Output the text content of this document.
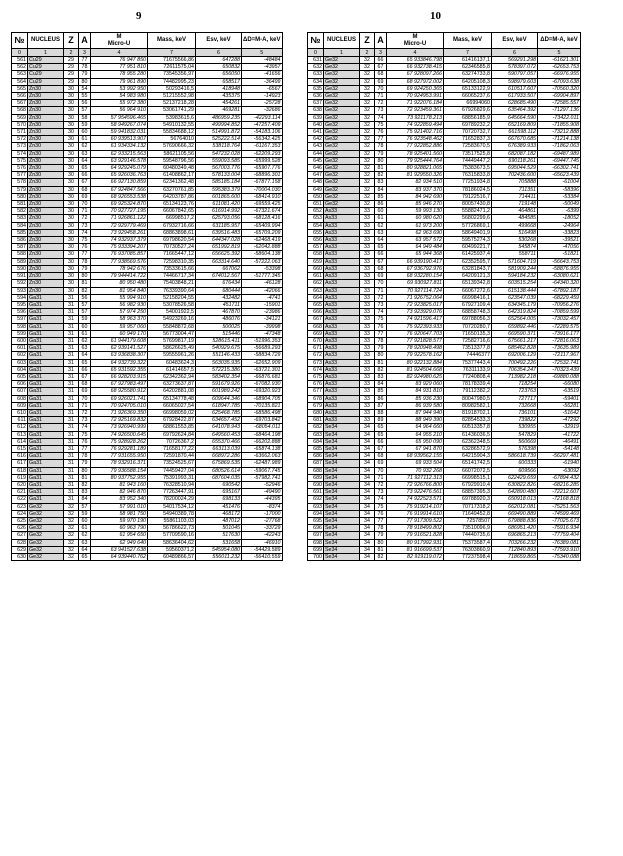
9	10
№	NUCLEUS	Z	A	M
Micro-U	Mass, keV	Esv, keV	ΔD=M-A, keV
0	1	2	3	4	7	6	5
561	Cu29	29	77	76 947 850	71675566,86	647288	-48484
562	Cu29	29	78	77 951 810	72611575,04	650832	-43957
563	Cu29	29	79	78 955 280	73545356,97	656050	-41656
564	Cu29	29	80	79 961 890	74482995,23	658517	-36499
565	Zn30	30	54	53 992 950	50293416,5	418948	-6567
566	Zn30	30	55	54 983 980	51215552,98	435375	-14923
567	Zn30	30	56	55 972 380	52137218,28	454261	-25728
568	Zn30	30	57	56 964 910	53061741,29	469281	-32686
569	Zn30	30	58	57 954596.465	53983615,6	486959.235	-42293.114
570	Zn30	30	59	58 949267.074	54910132,55	499994.852	-47257.409
571	Zn30	30	60	59 941832.031	55834688,12	514991.872	-54183.106
572	Zn30	30	61	60 939513.907	56764010	525222.514	-56342.425
573	Zn30	30	62	61 934334.132	57690666,32	538118.764	-61167.353
574	Zn30	30	63	62 933215.563	58621105,56	547232.028	-62209.293
575	Zn30	30	64	63 929146.578	59548796,56	559093.585	-65999.528
576	Zn30	30	65	64 929245.079	60480349,48	567003.776	-65907.776
577	Zn30	30	66	65 926036.763	61408862,17	578133.004	-68896.301
578	Zn30	30	67	66 927130.859	62341362,48	585185.184	-67877.158
579	Zn30	30	68	67 924847.566	63270761,85	595383.379	-70004.030
580	Zn30	30	69	68 926553.538	64203787,86	601865.600	-68414.910
581	Zn30	30	70	69 925324.870	65134123,76	611081.420	-69559.425
582	Zn30	30	71	70 927727.195	66067842,65	616914.992	-67321.674
583	Zn30	30	72	71 926861.122	66998517,2	625793.056	-68128.416
584	Zn30	30	73	72 929779.469	67932716,66	631185.957	-65409.994
585	Zn30	30	74	73 929458.261	68863898,61	639516.483	-65709.209
586	Zn30	30	75	74 932937.379	69798620,54	644347.028	-62468.419
587	Zn30	30	76	75 933394.207	70730527,24	651992.819	-62042.888
588	Zn30	30	77	76 937085.857	71665447,12	656625.392	-58604.138
589	Zn30	30	78	77 938569.576	72598310,35	663314.640	-57222.063
590	Zn30	30	79	78 942 676	73533615,66	667062	-53398
591	Zn30	30	80	79 944414.722	74466717,34	674012.567	-51777.345
592	Zn30	30	81	80 950 480	75403848,21	676434	-46128
593	Zn30	30	82	81 954 840	76339390,64	680444	-42066
594	Ga31	31	56	55 994 910	52158204,55	432482	-4741
595	Ga31	31	57	56 982 930	53078526,58	451711	-15901
596	Ga31	31	57	57 974 250	54001922,5	467870	-23986
597	Ga31	31	59	58 963 370	54923269,16	486076	-34121
598	Ga31	31	60	59 957 060	55848872,68	500025	-39998
599	Ga31	31	61	60 949 170	56773004,47	515446	-47348
600	Ga31	31	62	61 944179.608	57699817,19	528615.411	-51996.353
601	Ga31	31	63	62 939141.527	58626625,49	540929.675	-56689.293
602	Ga31	31	64	63 936838.307	59555961,26	551146.433	-58834.729
603	Ga31	31	65	64 932739.322	60483624,3	563035.935	-62652.909
604	Ga31	31	66	65 931592.355	61414657,5	572215.386	-63721.301
605	Ga31	31	67	66 928203.915	62342362,94	583402.354	-66876.681
606	Ga31	31	68	67 927983.497	63273637,87	591679.926	-67082.930
607	Ga31	31	69	68 925580.912	64202881,08	601989.242	-69320.923
608	Ga31	31	70	69 926021.741	65134778,48	609644.346	-68904.705
609	Ga31	31	71	70 924705.010	66065027,54	618947.785	-70135.821
610	Ga31	31	72	71 926369.350	66998059,02	625468.785	-68586.498
611	Ga31	31	73	72 925169.832	67928422,87	634657.452	-69703.842
612	Ga31	31	74	73 926940.999	68861553,85	641078.943	-68054.011
613	Ga31	31	75	74 926500.645	69792624,84	649560.453	-68464.198
614	Ga31	31	76	75 928928.262	70726367,2	655370.466	-66202.888
615	Ga31	31	77	76 929281.189	71658177,22	663113.039	-65874.138
616	Ga31	31	78	77 931655.950	72591870,44	668972.286	-63662.063
617	Ga31	31	79	78 932916.371	73524525,67	675869.535	-62487.989
618	Ga31	31	80	79 936588.154	74459427,04	680526.614	-59067.745
619	Ga31	31	81	80 937752.955	75391993,31	687604.035	-57982.741
620	Ga31	31	82	81 943 160	76328510,94	690542	-52946
621	Ga31	31	83	82 946 870	77263447,91	695167	-49490
622	Ga31	31	84	83 952 340	78200024,29	698133	-44395
623	Ge32	32	57	57 991 010	54017534,12	451476	-8374
624	Ge32	32	59	58 981 750	54940389,78	468172	-17000
625	Ge32	32	60	59 970 190	55861103,03	487012	-27768
626	Ge32	32	61	60 963 790	56786622,73	501045	-33729
627	Ge32	32	62	61 954 650	57709590,16	517630	-42243
628	Ge32	32	63	62 949 640	58636404,62	531658	-46910
629	Ge32	32	64	63 941527.638	59560371,2	545954.080	-54429.589
630	Ge32	32	65	64 939440.762	60489866,57	556011.232	-56410.559
№	NUCLEUS	Z	A	M
Micro-U	Mass, keV	Esv, keV	ΔD=M-A, keV
0	1	2	3	4	7	6	5
631	Ge32	32	66	65 933846.798	61416137,1	569291.298	-61621.301
632	Ge32	32	67	66 932738.415	62346585,8	578397.072	-62653.753
633	Ge32	32	68	67 928097.266	63274733,8	590797.057	-66976.955
634	Ge32	32	69	68 927972.002	64205108,3	598979.603	-67093.638
635	Ge32	32	70	69 924250.365	65133122,9	610517.607	-70560.320
636	Ge32	32	71	70 924953.991	66065237,6	617933.507	-69904.897
637	Ge32	32	72	71 922076.184	66994060	628685.490	-72585.557
638	Ge32	32	73	72 923459.361	67926829,6	635464.392	-71297.136
639	Ge32	32	74	73 921178.213	68856185,9	645664.590	-73422.011
640	Ge32	32	75	74 922859.494	69789232,2	652169.809	-71855.908
641	Ge32	32	76	75 921402.716	70720732,7	661598.112	-73212.888
642	Ge32	32	77	76 923548.462	71652837,3	667670.685	-71214.138
643	Ge32	32	78	77 922852.886	72583670,5	676389.933	-71862.063
644	Ge32	32	79	78 925401.560	73517525,8	682087.182	-69487.989
645	Ge32	32	80	79 925444.764	74449447,2	690118.261	-69447.745
646	Ge32	32	81	80 928821.065	75383673,5	695044.529	-66302.741
647	Ge32	32	82	81 929550.326	76315833,8	702436.600	-65623.439
648	Ge32	32	83	82 934 510	77251934,8	705888	-61004
649	Ge32	32	84	83 937 370	78186024,5	711351	-58396
650	Ge32	32	85	84 942 690	79122516,7	714411	-53384
651	Ge32	32	86	85 946 270	80057430,8	719148	-50049
652	As33	33	60	59 993 130	55882471,2	464861	-6399
653	As33	33	61	60 980 620	56802299,6	484585	-18052
654	As33	33	62	61 973 200	57726869,1	499668	-24964
655	As33	33	63	62 963 690	58649401,9	516498	-33823
656	As33	33	64	63 957 572	59575274,3	530268	-39521
657	As33	33	65	64 949 484	60499221,7	545874	-47056
658	As33	33	66	65 944 368	61425937,4	558711	-51821
659	As33	33	67	66 939190.417	62352595,7	571604.719	-56643.753
660	As33	33	68	67 936792.976	63281843,7	581909.244	-58876.955
661	As33	33	69	68 932280.154	64209121,3	594184.232	-63080.621
662	As33	33	70	69 930927.811	65139342,8	603515.254	-64340.320
663	As33	33	71	70 927114.724	66067272,6	615138.444	-67892.187
664	As33	33	72	71 926752.064	66998416,1	623547.039	-68229.459
665	As33	33	73	72 923825.017	67927109,4	634345.179	-70956.276
666	As33	33	74	73 923929.076	68858748,3	642319.824	-70859.599
667	As33	33	75	74 921596.417	69788056,3	652564.005	-73032.457
668	As33	33	76	75 922393.933	70720280,7	659892.446	-72289.575
669	As33	33	77	76 920647.703	71650135,3	669590.371	-73916.177
670	As33	33	78	77 921828.577	72582716,6	675661.217	-72816.063
671	As33	33	79	78 920948.498	73513377,8	685462.828	-73635.989
672	As33	33	80	79 922578.162	74446377	692006.129	-72117.967
673	As33	33	81	80 922132.884	75377443,4	700492.226	-72532.741
674	As33	33	82	81 924504.668	76311133,9	706354.247	-70323.439
675	As33	33	83	82 924980.625	77240808,4	713982.218	-69880.088
676	As33	33	84	83 929 060	78178339,4	718254	-66080
677	As33	33	85	84 931 810	79112382,2	723763	-63519
678	As33	33	86	85 936 230	80047980,5	727717	-59401
679	As33	33	87	86 939 580	80982582,1	732668	-56281
680	As33	33	88	87 944 940	81918702,1	736101	-51642
681	As33	33	89	88 949 390	82854533,3	739822	-47292
682	Se34	34	65	64 964 660	60513357,8	530955	-32919
683	Se34	34	65	64 955 210	61436036,5	547829	-41722
684	Se34	34	66	65 950 090	62362348,5	560669	-46491
685	Se34	34	67	67 941 870	63286572,9	576398	-54148
686	Se34	34	68	68 939562.155	64215904,3	586618.739	-56297.481
687	Se34	34	69	69 933 504	65141742,5	600333	-61940
688	Se34	34	70	70 932 268	66072072,5	609566	-63092
689	Se34	34	71	71 927112.313	66998515,1	622429.659	-67894.432
690	Se34	34	72	72 926766.800	67929910,4	630822.826	-68216.285
691	Se34	34	73	73 922476.561	68857395,3	642890.480	-72212.607
692	Se34	34	74	74 922523.571	69788920,3	650918.013	-72168.818
693	Se34	34	75	75 919214.107	70717318,2	662012.081	-75251.563
694	Se34	34	76	76 919914.610	71649452,8	669490.889	-74599.469
695	Se34	34	77	77 917309.522	72578507	679888.836	-77025.673
696	Se34	34	78	78 918499.802	73510096,9	686951.420	-75916.934
697	Se34	34	79	79 916521.828	74440735,6	696865.213	-77759.404
698	Se34	34	80	80 917992.931	75373587,4	703266.232	-76389.081
699	Se34	34	81	81 916699.537	76303860,9	712840.893	-77593.910
700	Se34	34	82	82 919119.072	77237598,4	718659.865	-75340.088
